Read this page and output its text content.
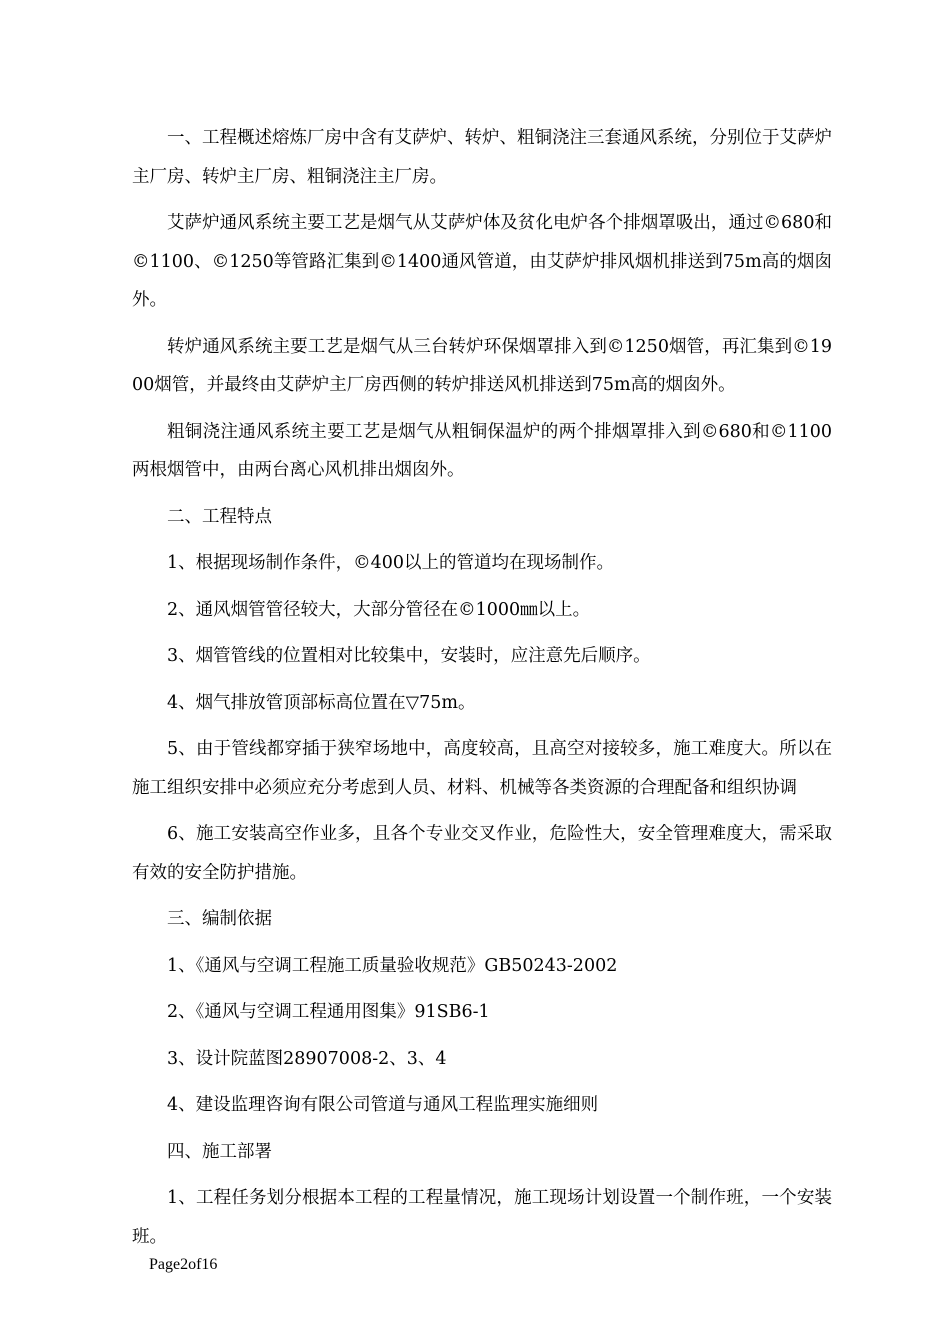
一、工程概述熔炼厂房中含有艾萨炉、转炉、粗铜浇注三套通风系统，分别位于艾萨炉主厂房、转炉主厂房、粗铜浇注主厂房。

艾萨炉通风系统主要工艺是烟气从艾萨炉体及贫化电炉各个排烟罩吸出，通过©680和©1100、©1250等管路汇集到©1400通风管道，由艾萨炉排风烟机排送到75m高的烟囱外。

转炉通风系统主要工艺是烟气从三台转炉环保烟罩排入到©1250烟管，再汇集到©1900烟管，并最终由艾萨炉主厂房西侧的转炉排送风机排送到75m高的烟囱外。

粗铜浇注通风系统主要工艺是烟气从粗铜保温炉的两个排烟罩排入到©680和©1100两根烟管中，由两台离心风机排出烟囱外。

二、工程特点

1、根据现场制作条件，©400以上的管道均在现场制作。

2、通风烟管管径较大，大部分管径在©1000㎜以上。

3、烟管管线的位置相对比较集中，安装时，应注意先后顺序。

4、烟气排放管顶部标高位置在▽75m。

5、由于管线都穿插于狭窄场地中，高度较高，且高空对接较多，施工难度大。所以在施工组织安排中必须应充分考虑到人员、材料、机械等各类资源的合理配备和组织协调

6、施工安装高空作业多，且各个专业交叉作业，危险性大，安全管理难度大，需采取有效的安全防护措施。

三、编制依据

1、《通风与空调工程施工质量验收规范》GB50243-2002

2、《通风与空调工程通用图集》91SB6-1

3、设计院蓝图28907008-2、3、4

4、建设监理咨询有限公司管道与通风工程监理实施细则

四、施工部署

1、工程任务划分根据本工程的工程量情况，施工现场计划设置一个制作班，一个安装班。

Page2of16
